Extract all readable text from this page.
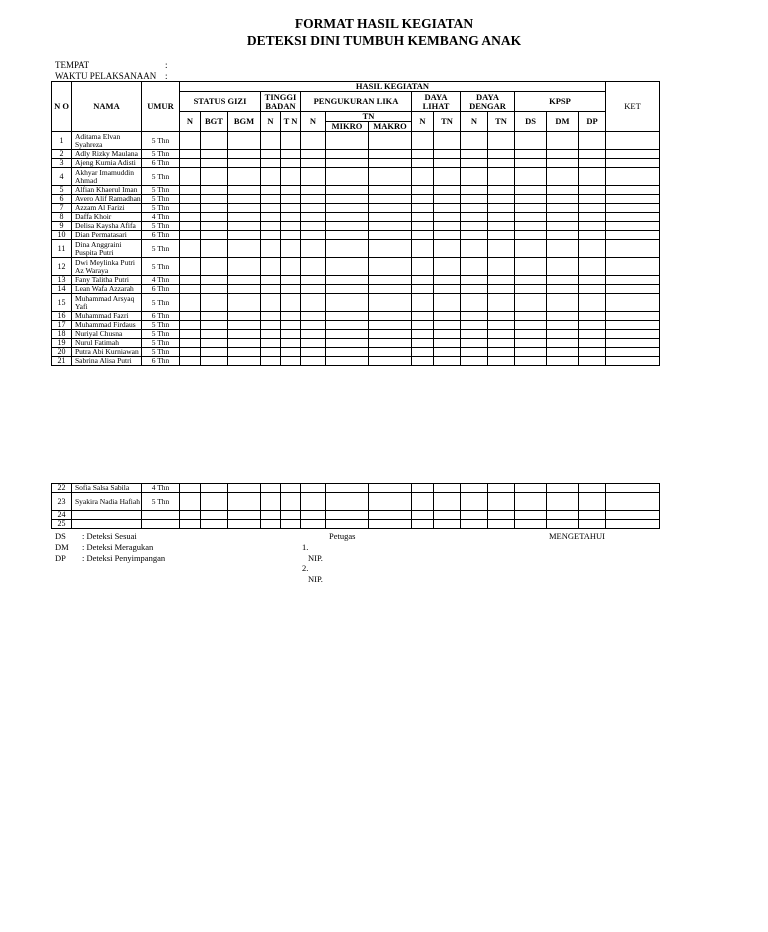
FORMAT HASIL KEGIATAN
DETEKSI DINI TUMBUH KEMBANG ANAK
TEMPAT	:
WAKTU PELAKSANAAN :
N O	NAMA	UMUR	HASIL KEGIATAN															KET
			STATUS GIZI			TINGGI BADAN		PENGUKURAN LIKA			DAYA LIHAT		DAYA DENGAR		KPSP			
			N	BGT	BGM	N	T N	N	TN		N	TN	N	TN	DS	DM	DP	
									MIKRO	MAKRO								
1	Aditama Elvan Syahreza	5 Thn																
2	Adly Rizky Maulana	5 Thn																
3	Ajeng Kurnia Adisti	6 Thn																
4	Akhyar Imamuddin Ahmad	5 Thn																
5	Alfian Khaerul Iman	5 Thn																
6	Avero Alif Ramadhan	5 Thn																
7	Azzam Al Farizi	5 Thn																
8	Daffa Khoir	4 Thn																
9	Delisa Kaysha Afifa	5 Thn																
10	Dian Permatasari	6 Thn																
11	Dina Anggraini Puspita Putri	5 Thn																
12	Dwi Meylinka Putri Az Waraya	5 Thn																
13	Fany Talitha Putri	4 Thn																
14	Lean Wafa Azzarah	6 Thn																
15	Muhammad Arsyaq Yafi	5 Thn																
16	Muhammad Fazri	6 Thn																
17	Muhammad Firdaus	5 Thn																
18	Nuriyal Chusna	5 Thn																
19	Nurul Fatimah	5 Thn																
20	Putra Abi Kurniawan	5 Thn																
21	Sabrina Alisa Putri	6 Thn																
22	Sofia Salsa Sabila	4 Thn																
23	Syakira Nadia Hafiah	5 Thn																
24																		
25																		
DS : Deteksi Sesuai
DM : Deteksi Meragukan
DP : Deteksi Penyimpangan
Petugas	MENGETAHUI
1.
NIP.
2.
NIP.
